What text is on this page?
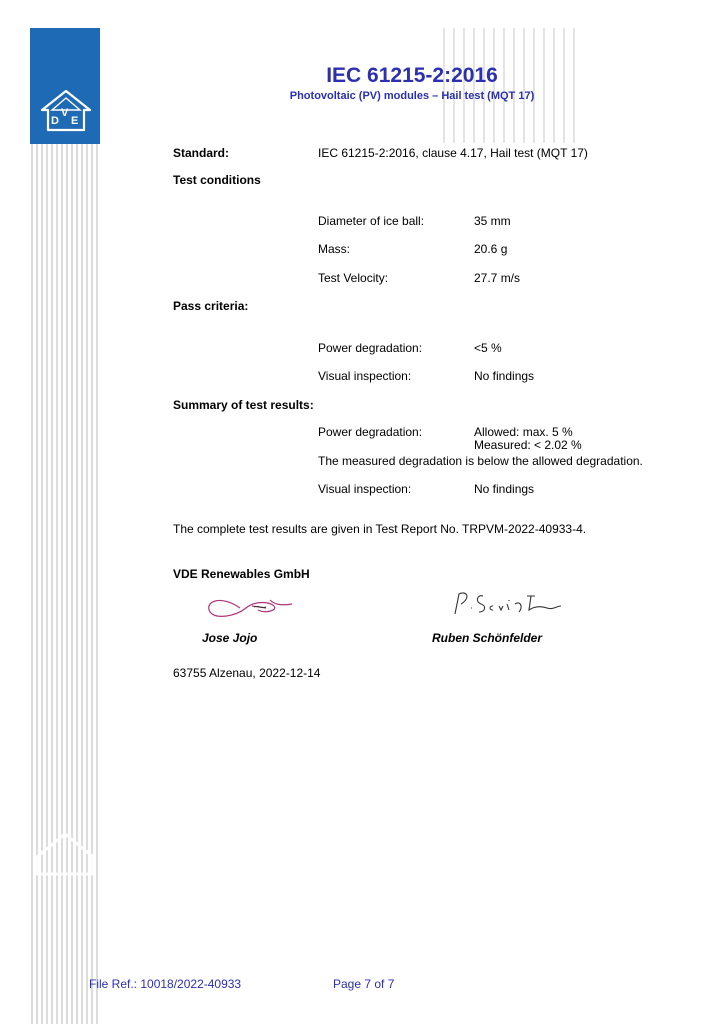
D
V
E
IEC 61215-2:2016
Photovoltaic (PV) modules – Hail test (MQT 17)
Standard:	IEC 61215-2:2016, clause 4.17, Hail test (MQT 17)
Test conditions
Diameter of ice ball:	35 mm
Mass:	20.6 g
Test Velocity:	27.7 m/s
Pass criteria:
Power degradation:	<5 %
Visual inspection:	No findings
Summary of test results:
Power degradation:	Allowed: max. 5 %
Measured: < 2.02 %
The measured degradation is below the allowed degradation.
Visual inspection:	No findings
The complete test results are given in Test Report No. TRPVM-2022-40933-4.
VDE Renewables GmbH
Jose Jojo	Ruben Schönfelder
63755 Alzenau, 2022-12-14
File Ref.: 10018/2022-40933	Page 7 of 7
